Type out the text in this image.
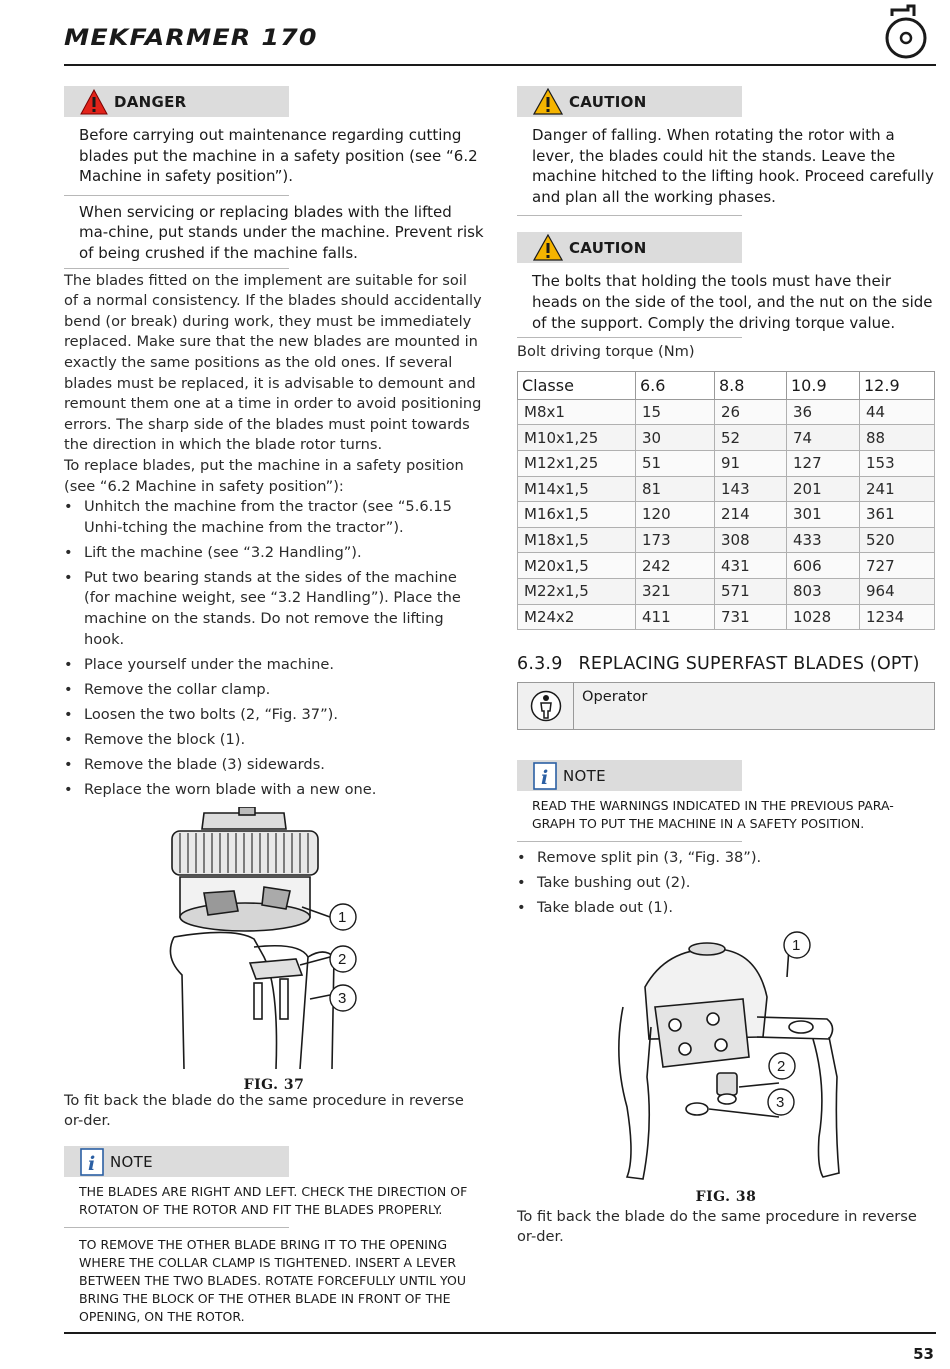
MEKFARMER 170
DANGER
Before carrying out maintenance regarding cutting blades put the machine in a safety position (see “6.2 Machine in safety position”).
When servicing or replacing blades with the lifted ma-chine, put stands under the machine. Prevent risk of being crushed if the machine falls.

The blades fitted on the implement are suitable for soil of a normal consistency. If the blades should accidentally bend (or break) during work, they must be immediately replaced. Make sure that the new blades are mounted in exactly the same positions as the old ones. If several blades must be replaced, it is advisable to demount and remount them one at a time in order to avoid positioning errors. The sharp side of the blades must point towards the direction in which the blade rotor turns.

To replace blades, put the machine in a safety position (see “6.2 Machine in safety position”):

• Unhitch the machine from the tractor (see “5.6.15 Unhi-tching the machine from the tractor”).
• Lift the machine (see “3.2 Handling”).
• Put two bearing stands at the sides of the machine (for machine weight, see “3.2 Handling”). Place the machine on the stands. Do not remove the lifting hook.
• Place yourself under the machine.
• Remove the collar clamp.
• Loosen the two bolts (2, “Fig. 37”).
• Remove the block (1).
• Remove the blade (3) sidewards.
• Replace the worn blade with a new one.
1
2
3
FIG. 37

To fit back the blade do the same procedure in reverse or-der.

i NOTE
THE BLADES ARE RIGHT AND LEFT. CHECK THE DIRECTION OF ROTATON OF THE ROTOR AND FIT THE BLADES PROPERLY.
TO REMOVE THE OTHER BLADE BRING IT TO THE OPENING WHERE THE COLLAR CLAMP IS TIGHTENED. INSERT A LEVER BETWEEN THE TWO BLADES. ROTATE FORCEFULLY UNTIL YOU BRING THE BLOCK OF THE OTHER BLADE IN FRONT OF THE OPENING, ON THE ROTOR.
CAUTION
Danger of falling. When rotating the rotor with a lever, the blades could hit the stands. Leave the machine hitched to the lifting hook. Proceed carefully and plan all the working phases.
CAUTION
The bolts that holding the tools must have their heads on the side of the tool, and the nut on the side of the support. Comply the driving torque value.
Bolt driving torque (Nm)
Classe	6.6	8.8	10.9	12.9
M8x1	15	26	36	44
M10x1,25	30	52	74	88
M12x1,25	51	91	127	153
M14x1,5	81	143	201	241
M16x1,5	120	214	301	361
M18x1,5	173	308	433	520
M20x1,5	242	431	606	727
M22x1,5	321	571	803	964
M24x2	411	731	1028	1234
6.3.9 REPLACING SUPERFAST BLADES (OPT)
Operator
i NOTE
READ THE WARNINGS INDICATED IN THE PREVIOUS PARA-GRAPH TO PUT THE MACHINE IN A SAFETY POSITION.
• Remove split pin (3, “Fig. 38”).
• Take bushing out (2).
• Take blade out (1).
1
2
3
FIG. 38

To fit back the blade do the same procedure in reverse or-der.

53
